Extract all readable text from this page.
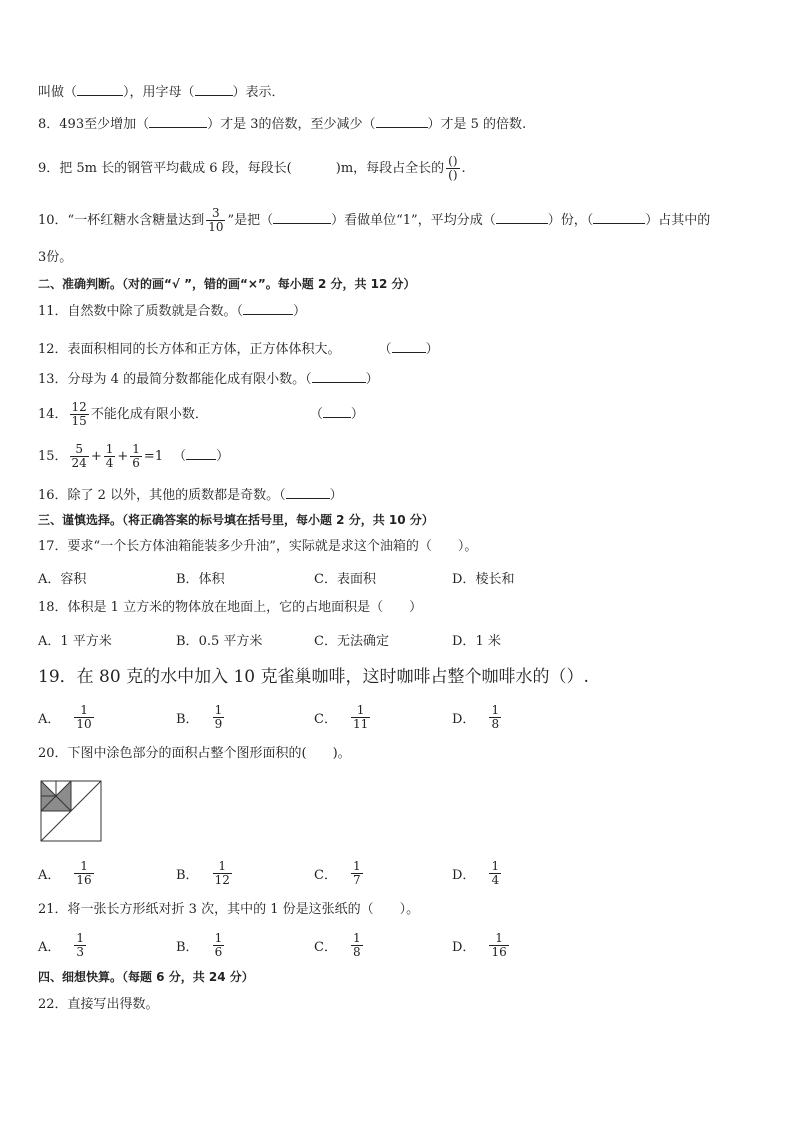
叫做（	），用字母（	）表示．
8．493至少增加（	）才是 3的倍数，至少减少（	）才是 5 的倍数.
9．把 5m 长的钢管平均截成 6 段，每段长(	)m，每段占全长的 $\frac{()}{()}$ .
10．“一杯红糖水含糖量达到 $\frac{3}{10}$ ”是把（	）看做单位“1”，平均分成（	）份，（	）占其中的
3份。
二、准确判断。（对的画“√ ”，错的画“×”。每小题 2 分，共 12 分）
11．自然数中除了质数就是合数。（	）
12．表面积相同的长方体和正方体，正方体体积大。	（	）
13．分母为 4 的最简分数都能化成有限小数。（	）
14． $\frac{12}{15}$ 不能化成有限小数．	（ ）
15． $\frac{5}{24} + \frac{1}{4} + \frac{1}{6} =1$ （ ）
16．除了 2 以外，其他的质数都是奇数。（	）
三、谨慎选择。（将正确答案的标号填在括号里，每小题 2 分，共 10 分）
17．要求“一个长方体油箱能装多少升油”，实际就是求这个油箱的（　　）。
A． 容积	B． 体积	C． 表面积	D． 棱长和
18．体积是 1 立方米的物体放在地面上，它的占地面积是（　　）
A． 1 平方米	B． 0.5 平方米	C． 无法确定	D． 1 米
19．在 80 克的水中加入 10 克雀巢咖啡，这时咖啡占整个咖啡水的（）.
A． $\frac{1}{10}$	B． $\frac{1}{9}$	C． $\frac{1}{11}$	D． $\frac{1}{8}$
20．下图中涂色部分的面积占整个图形面积的(　　)。
A． $\frac{1}{16}$	B． $\frac{1}{12}$	C． $\frac{1}{7}$	D． $\frac{1}{4}$
21．将一张长方形纸对折 3 次，其中的 1 份是这张纸的（　　）。
A． $\frac{1}{3}$	B． $\frac{1}{6}$	C． $\frac{1}{8}$	D． $\frac{1}{16}$
四、细想快算。（每题 6 分，共 24 分）
22．直接写出得数。
